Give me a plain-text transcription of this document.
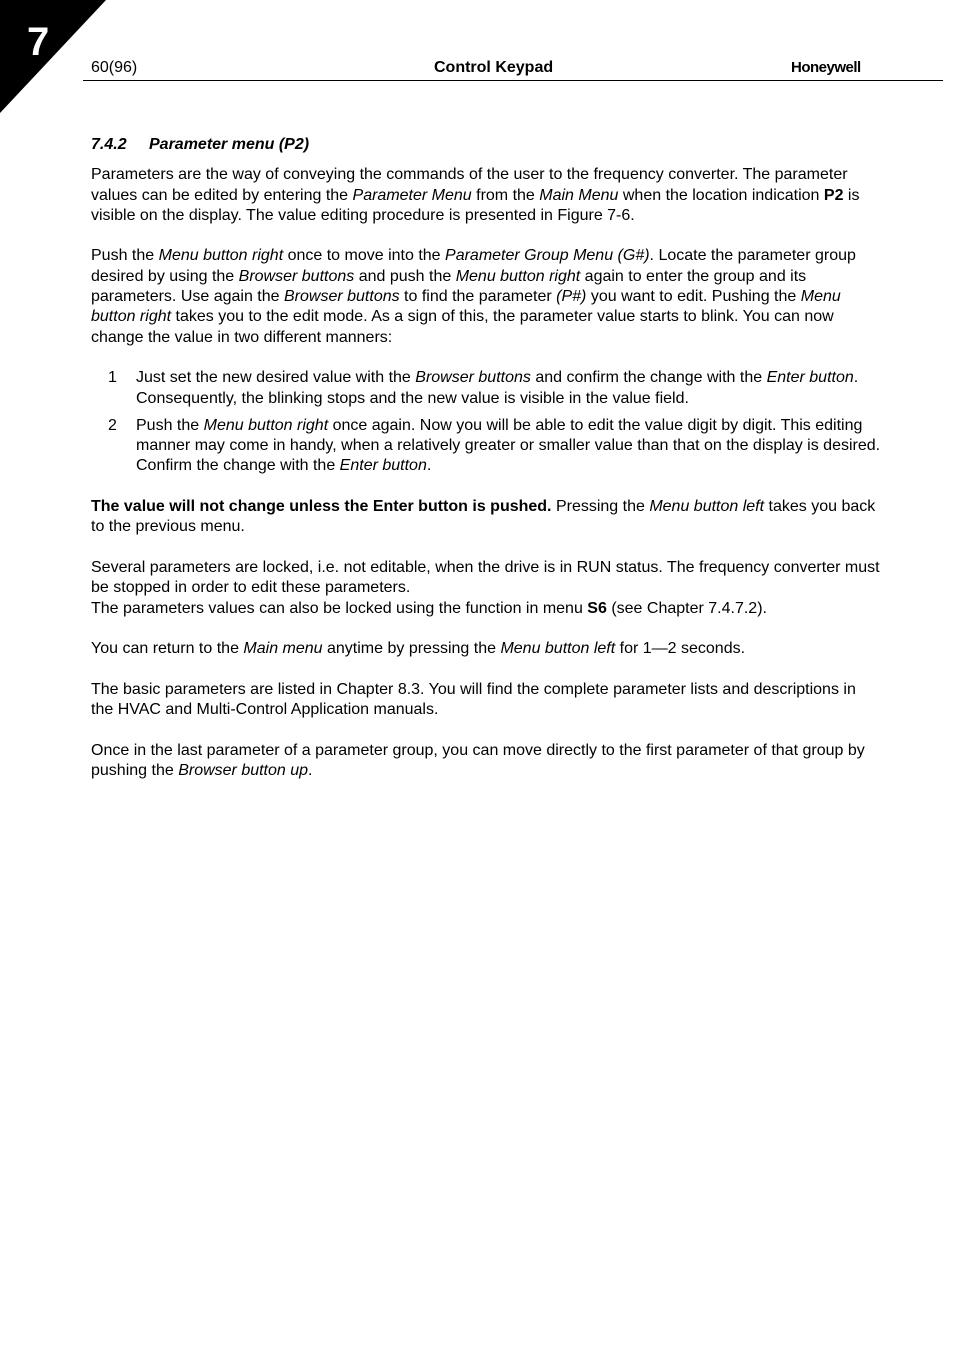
7
60(96)	Control Keypad	Honeywell
7.4.2 Parameter menu (P2)

Parameters are the way of conveying the commands of the user to the frequency converter. The parameter values can be edited by entering the Parameter Menu from the Main Menu when the location indication P2 is visible on the display. The value editing procedure is presented in Figure 7-6.

Push the Menu button right once to move into the Parameter Group Menu (G#). Locate the parameter group desired by using the Browser buttons and push the Menu button right again to enter the group and its parameters. Use again the Browser buttons to find the parameter (P#) you want to edit. Pushing the Menu button right takes you to the edit mode. As a sign of this, the parameter value starts to blink. You can now change the value in two different manners:

1	Just set the new desired value with the Browser buttons and confirm the change with the Enter button. Consequently, the blinking stops and the new value is visible in the value field.
2	Push the Menu button right once again. Now you will be able to edit the value digit by digit. This editing manner may come in handy, when a relatively greater or smaller value than that on the display is desired. Confirm the change with the Enter button.

The value will not change unless the Enter button is pushed. Pressing the Menu button left takes you back to the previous menu.

Several parameters are locked, i.e. not editable, when the drive is in RUN status. The frequency converter must be stopped in order to edit these parameters.
The parameters values can also be locked using the function in menu S6 (see Chapter 7.4.7.2).

You can return to the Main menu anytime by pressing the Menu button left for 1—2 seconds.

The basic parameters are listed in Chapter 8.3. You will find the complete parameter lists and descriptions in the HVAC and Multi-Control Application manuals.

Once in the last parameter of a parameter group, you can move directly to the first parameter of that group by pushing the Browser button up.
